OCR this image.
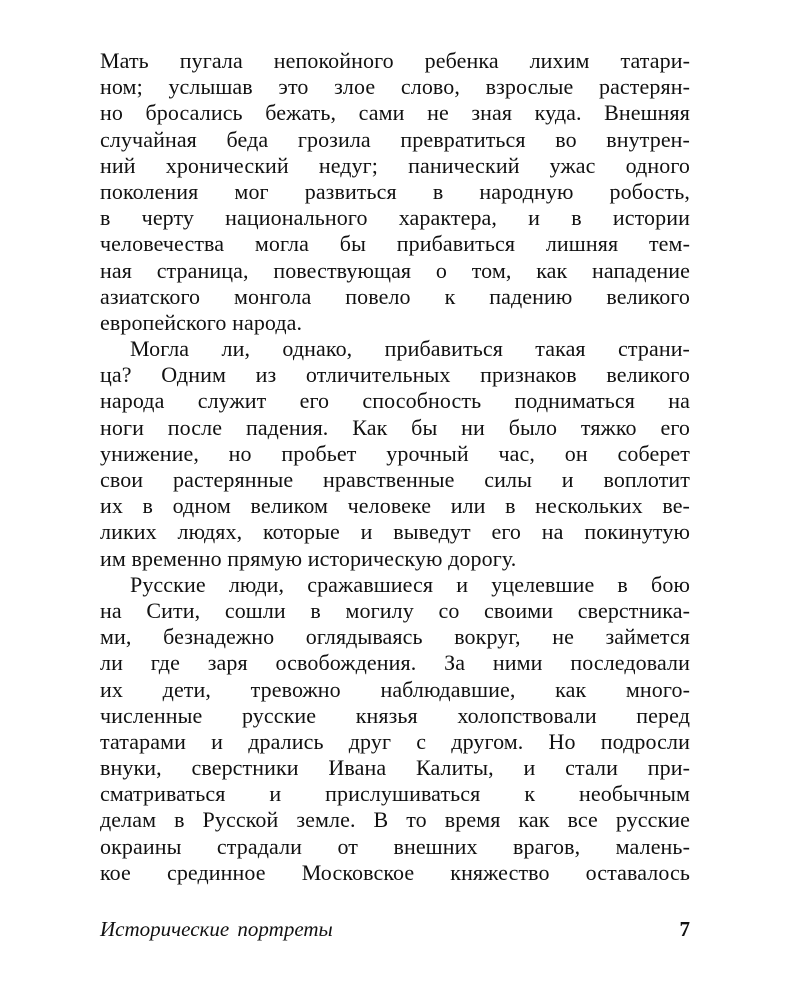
Мать пугала непокойного ребенка лихим татари-
ном; услышав это злое слово, взрослые растерян-
но бросались бежать, сами не зная куда. Внешняя
случайная беда грозила превратиться во внутрен-
ний хронический недуг; панический ужас одного
поколения мог развиться в народную робость,
в черту национального характера, и в истории
человечества могла бы прибавиться лишняя тем-
ная страница, повествующая о том, как нападение
азиатского монгола повело к падению великого
европейского народа.
Могла ли, однако, прибавиться такая страни-
ца? Одним из отличительных признаков великого
народа служит его способность подниматься на
ноги после падения. Как бы ни было тяжко его
унижение, но пробьет урочный час, он соберет
свои растерянные нравственные силы и воплотит
их в одном великом человеке или в нескольких ве-
ликих людях, которые и выведут его на покинутую
им временно прямую историческую дорогу.
Русские люди, сражавшиеся и уцелевшие в бою
на Сити, сошли в могилу со своими сверстника-
ми, безнадежно оглядываясь вокруг, не займется
ли где заря освобождения. За ними последовали
их дети, тревожно наблюдавшие, как много-
численные русские князья холопствовали перед
татарами и дрались друг с другом. Но подросли
внуки, сверстники Ивана Калиты, и стали при-
сматриваться и прислушиваться к необычным
делам в Русской земле. В то время как все русские
окраины страдали от внешних врагов, малень-
кое срединное Московское княжество оставалось
Исторические портреты	7
